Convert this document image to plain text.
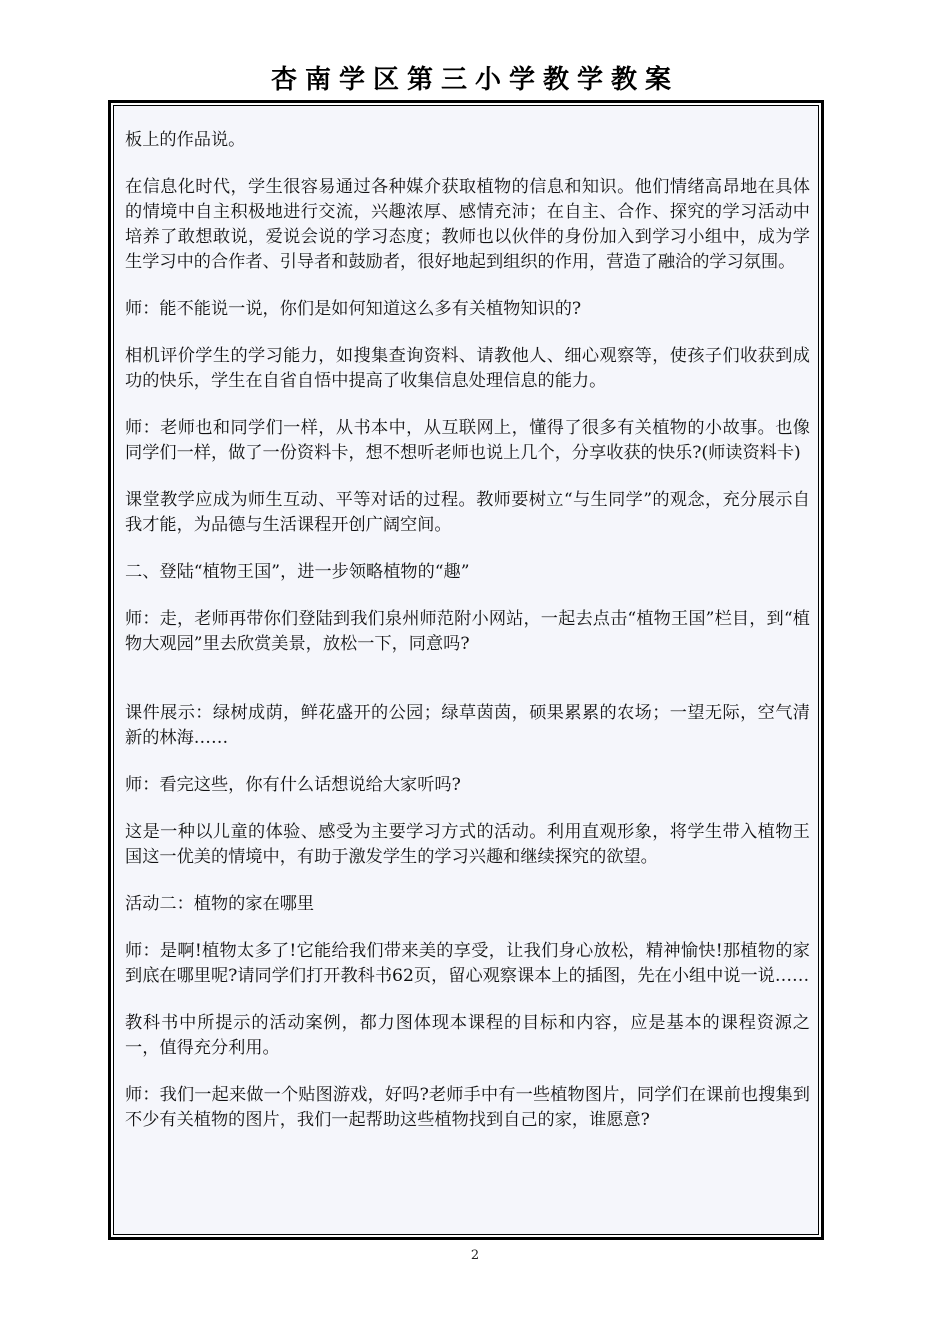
杏南学区第三小学教学教案

板上的作品说。

在信息化时代，学生很容易通过各种媒介获取植物的信息和知识。他们情绪高昂地在具体的情境中自主积极地进行交流，兴趣浓厚、感情充沛；在自主、合作、探究的学习活动中培养了敢想敢说，爱说会说的学习态度；教师也以伙伴的身份加入到学习小组中，成为学生学习中的合作者、引导者和鼓励者，很好地起到组织的作用，营造了融洽的学习氛围。

师：能不能说一说，你们是如何知道这么多有关植物知识的?

相机评价学生的学习能力，如搜集查询资料、请教他人、细心观察等，使孩子们收获到成功的快乐，学生在自省自悟中提高了收集信息处理信息的能力。

师：老师也和同学们一样，从书本中，从互联网上，懂得了很多有关植物的小故事。也像同学们一样，做了一份资料卡，想不想听老师也说上几个，分享收获的快乐?(师读资料卡)

课堂教学应成为师生互动、平等对话的过程。教师要树立“与生同学”的观念，充分展示自我才能，为品德与生活课程开创广阔空间。

二、登陆“植物王国”，进一步领略植物的“趣”

师：走，老师再带你们登陆到我们泉州师范附小网站，一起去点击“植物王国”栏目，到“植物大观园”里去欣赏美景，放松一下，同意吗?

课件展示：绿树成荫，鲜花盛开的公园；绿草茵茵，硕果累累的农场；一望无际，空气清新的林海……

师：看完这些，你有什么话想说给大家听吗?

这是一种以儿童的体验、感受为主要学习方式的活动。利用直观形象，将学生带入植物王国这一优美的情境中，有助于激发学生的学习兴趣和继续探究的欲望。

活动二：植物的家在哪里

师：是啊!植物太多了!它能给我们带来美的享受，让我们身心放松，精神愉快!那植物的家到底在哪里呢?请同学们打开教科书62页，留心观察课本上的插图，先在小组中说一说……

教科书中所提示的活动案例，都力图体现本课程的目标和内容，应是基本的课程资源之一，值得充分利用。

师：我们一起来做一个贴图游戏，好吗?老师手中有一些植物图片，同学们在课前也搜集到不少有关植物的图片，我们一起帮助这些植物找到自己的家，谁愿意?

2
